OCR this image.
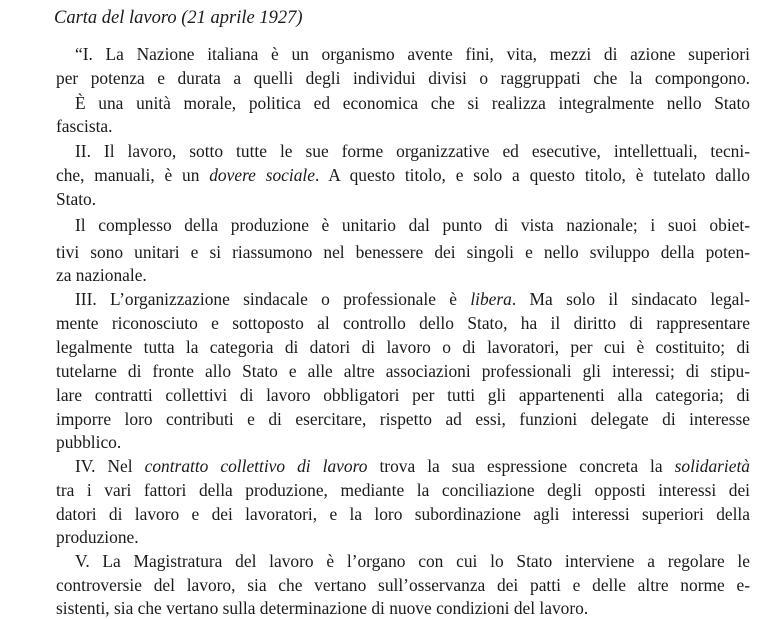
Carta del lavoro (21 aprile 1927)
“I. La Nazione italiana è un organismo avente fini, vita, mezzi di azione superiori
per potenza e durata a quelli degli individui divisi o raggruppati che la compongono.
È una unità morale, politica ed economica che si realizza integralmente nello Stato
fascista.
II. Il lavoro, sotto tutte le sue forme organizzative ed esecutive, intellettuali, tecni-
che, manuali, è un dovere sociale. A questo titolo, e solo a questo titolo, è tutelato dallo
Stato.
Il complesso della produzione è unitario dal punto di vista nazionale; i suoi obiet-
tivi sono unitari e si riassumono nel benessere dei singoli e nello sviluppo della poten-
za nazionale.
III. L’organizzazione sindacale o professionale è libera. Ma solo il sindacato legal-
mente riconosciuto e sottoposto al controllo dello Stato, ha il diritto di rappresentare
legalmente tutta la categoria di datori di lavoro o di lavoratori, per cui è costituito; di
tutelarne di fronte allo Stato e alle altre associazioni professionali gli interessi; di stipu-
lare contratti collettivi di lavoro obbligatori per tutti gli appartenenti alla categoria; di
imporre loro contributi e di esercitare, rispetto ad essi, funzioni delegate di interesse
pubblico.
IV. Nel contratto collettivo di lavoro trova la sua espressione concreta la solidarietà
tra i vari fattori della produzione, mediante la conciliazione degli opposti interessi dei
datori di lavoro e dei lavoratori, e la loro subordinazione agli interessi superiori della
produzione.
V. La Magistratura del lavoro è l’organo con cui lo Stato interviene a regolare le
controversie del lavoro, sia che vertano sull’osservanza dei patti e delle altre norme e-
sistenti, sia che vertano sulla determinazione di nuove condizioni del lavoro.
